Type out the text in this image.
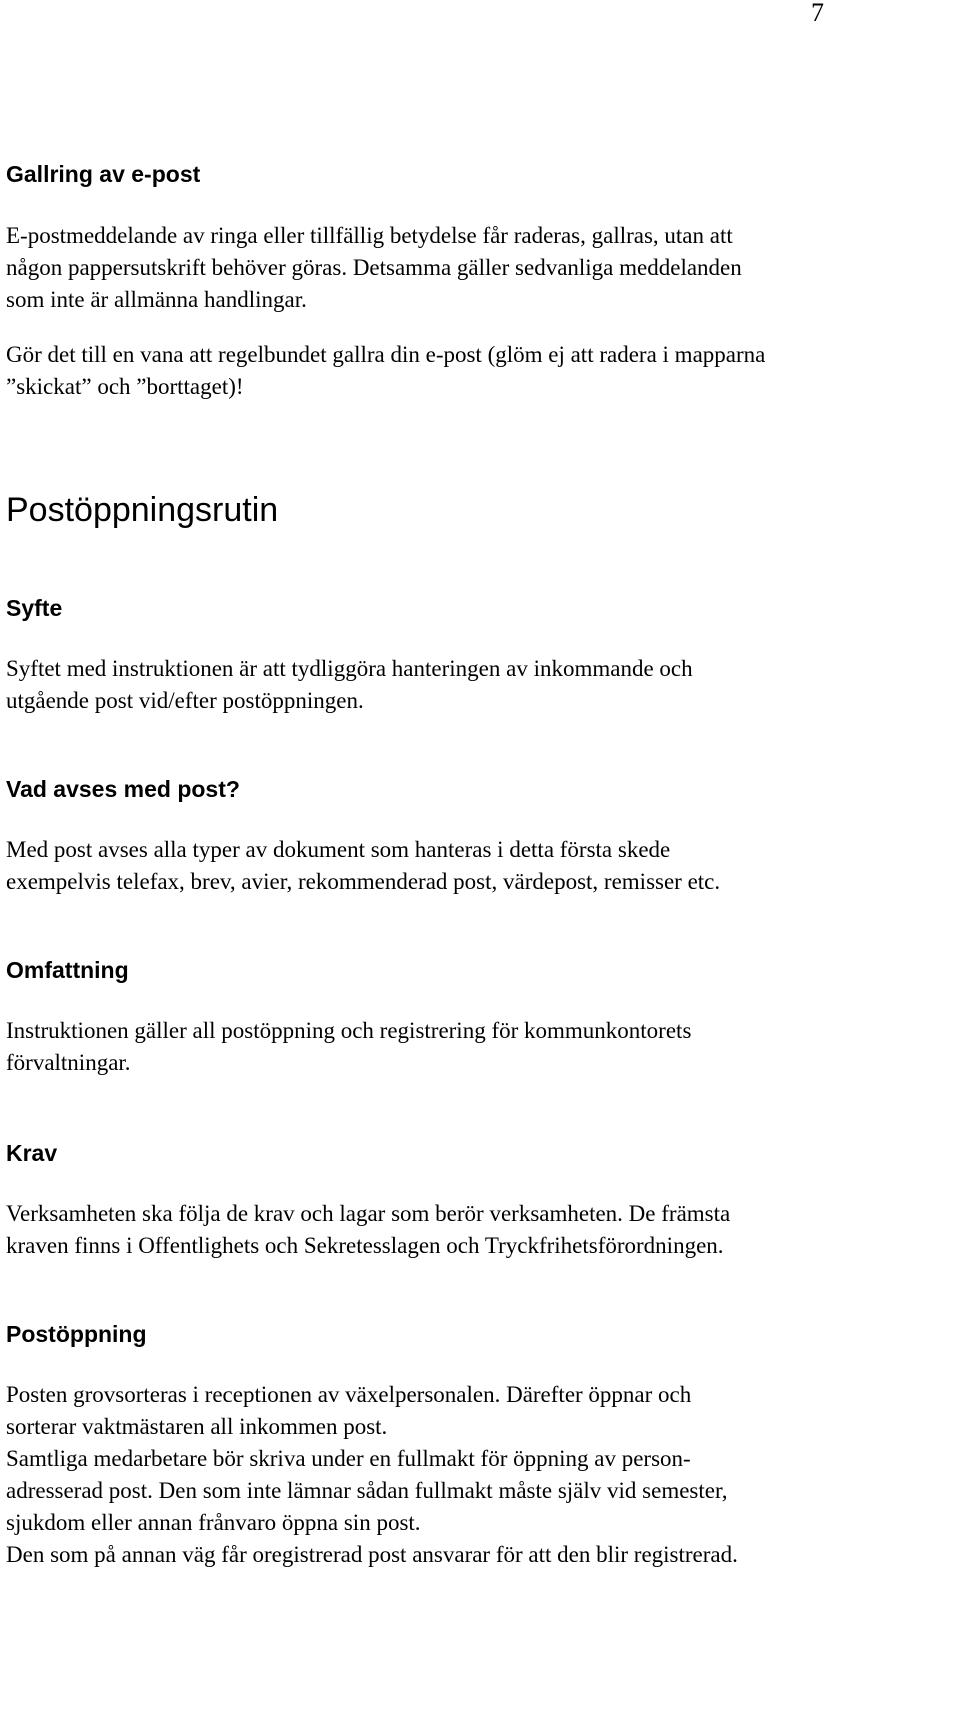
7
Gallring av e-post
E-postmeddelande av ringa eller tillfällig betydelse får raderas, gallras, utan att
någon pappersutskrift behöver göras. Detsamma gäller sedvanliga meddelanden
som inte är allmänna handlingar.
Gör det till en vana att regelbundet gallra din e-post (glöm ej att radera i mapparna
”skickat” och ”borttaget)!
Postöppningsrutin
Syfte
Syftet med instruktionen är att tydliggöra hanteringen av inkommande och
utgående post vid/efter postöppningen.
Vad avses med post?
Med post avses alla typer av dokument som hanteras i detta första skede
exempelvis telefax, brev, avier, rekommenderad post, värdepost, remisser etc.
Omfattning
Instruktionen gäller all postöppning och registrering för kommunkontorets
förvaltningar.
Krav
Verksamheten ska följa de krav och lagar som berör verksamheten. De främsta
kraven finns i Offentlighets och Sekretesslagen och Tryckfrihetsförordningen.
Postöppning
Posten grovsorteras i receptionen av växelpersonalen. Därefter öppnar och
sorterar vaktmästaren all inkommen post.
Samtliga medarbetare bör skriva under en fullmakt för öppning av person-
adresserad post. Den som inte lämnar sådan fullmakt måste själv vid semester,
sjukdom eller annan frånvaro öppna sin post.
Den som på annan väg får oregistrerad post ansvarar för att den blir registrerad.
